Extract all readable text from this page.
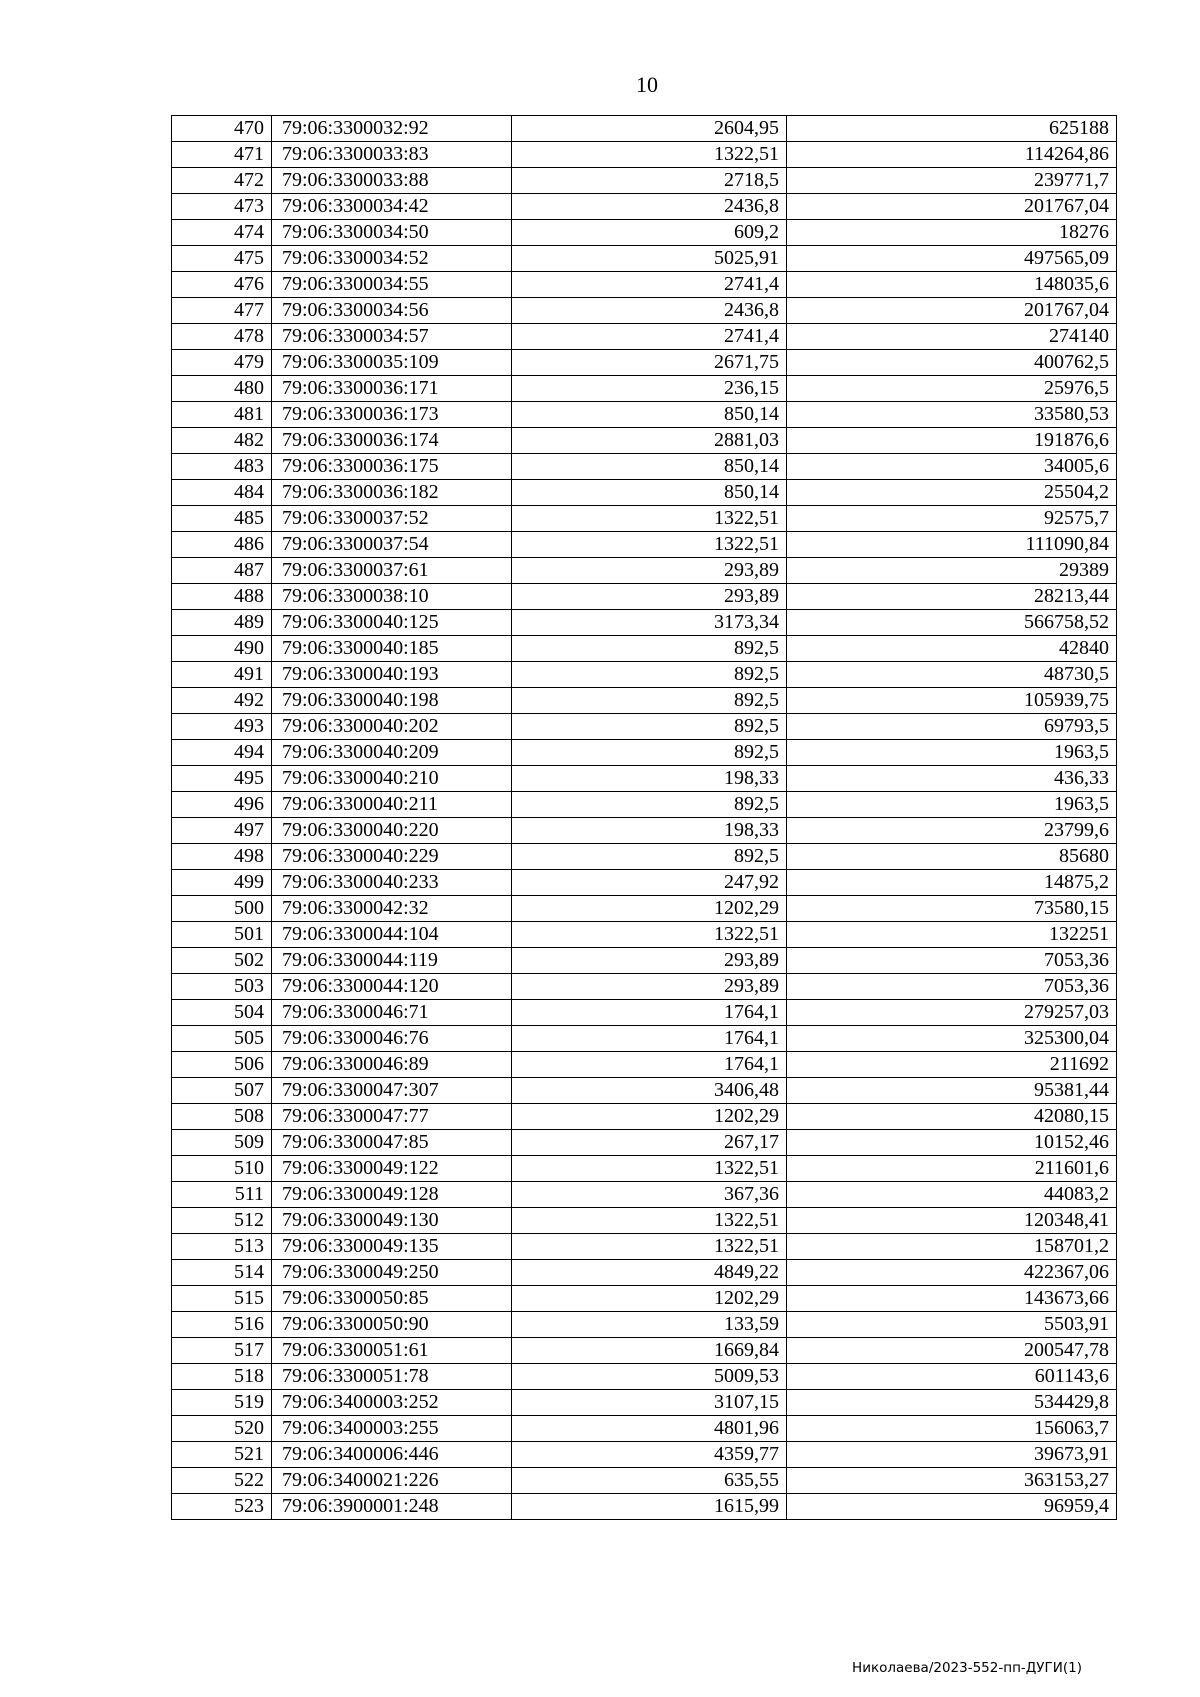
10
470	79:06:3300032:92	2604,95	625188
471	79:06:3300033:83	1322,51	114264,86
472	79:06:3300033:88	2718,5	239771,7
473	79:06:3300034:42	2436,8	201767,04
474	79:06:3300034:50	609,2	18276
475	79:06:3300034:52	5025,91	497565,09
476	79:06:3300034:55	2741,4	148035,6
477	79:06:3300034:56	2436,8	201767,04
478	79:06:3300034:57	2741,4	274140
479	79:06:3300035:109	2671,75	400762,5
480	79:06:3300036:171	236,15	25976,5
481	79:06:3300036:173	850,14	33580,53
482	79:06:3300036:174	2881,03	191876,6
483	79:06:3300036:175	850,14	34005,6
484	79:06:3300036:182	850,14	25504,2
485	79:06:3300037:52	1322,51	92575,7
486	79:06:3300037:54	1322,51	111090,84
487	79:06:3300037:61	293,89	29389
488	79:06:3300038:10	293,89	28213,44
489	79:06:3300040:125	3173,34	566758,52
490	79:06:3300040:185	892,5	42840
491	79:06:3300040:193	892,5	48730,5
492	79:06:3300040:198	892,5	105939,75
493	79:06:3300040:202	892,5	69793,5
494	79:06:3300040:209	892,5	1963,5
495	79:06:3300040:210	198,33	436,33
496	79:06:3300040:211	892,5	1963,5
497	79:06:3300040:220	198,33	23799,6
498	79:06:3300040:229	892,5	85680
499	79:06:3300040:233	247,92	14875,2
500	79:06:3300042:32	1202,29	73580,15
501	79:06:3300044:104	1322,51	132251
502	79:06:3300044:119	293,89	7053,36
503	79:06:3300044:120	293,89	7053,36
504	79:06:3300046:71	1764,1	279257,03
505	79:06:3300046:76	1764,1	325300,04
506	79:06:3300046:89	1764,1	211692
507	79:06:3300047:307	3406,48	95381,44
508	79:06:3300047:77	1202,29	42080,15
509	79:06:3300047:85	267,17	10152,46
510	79:06:3300049:122	1322,51	211601,6
511	79:06:3300049:128	367,36	44083,2
512	79:06:3300049:130	1322,51	120348,41
513	79:06:3300049:135	1322,51	158701,2
514	79:06:3300049:250	4849,22	422367,06
515	79:06:3300050:85	1202,29	143673,66
516	79:06:3300050:90	133,59	5503,91
517	79:06:3300051:61	1669,84	200547,78
518	79:06:3300051:78	5009,53	601143,6
519	79:06:3400003:252	3107,15	534429,8
520	79:06:3400003:255	4801,96	156063,7
521	79:06:3400006:446	4359,77	39673,91
522	79:06:3400021:226	635,55	363153,27
523	79:06:3900001:248	1615,99	96959,4
Николаева/2023-552-пп-ДУГИ(1)
